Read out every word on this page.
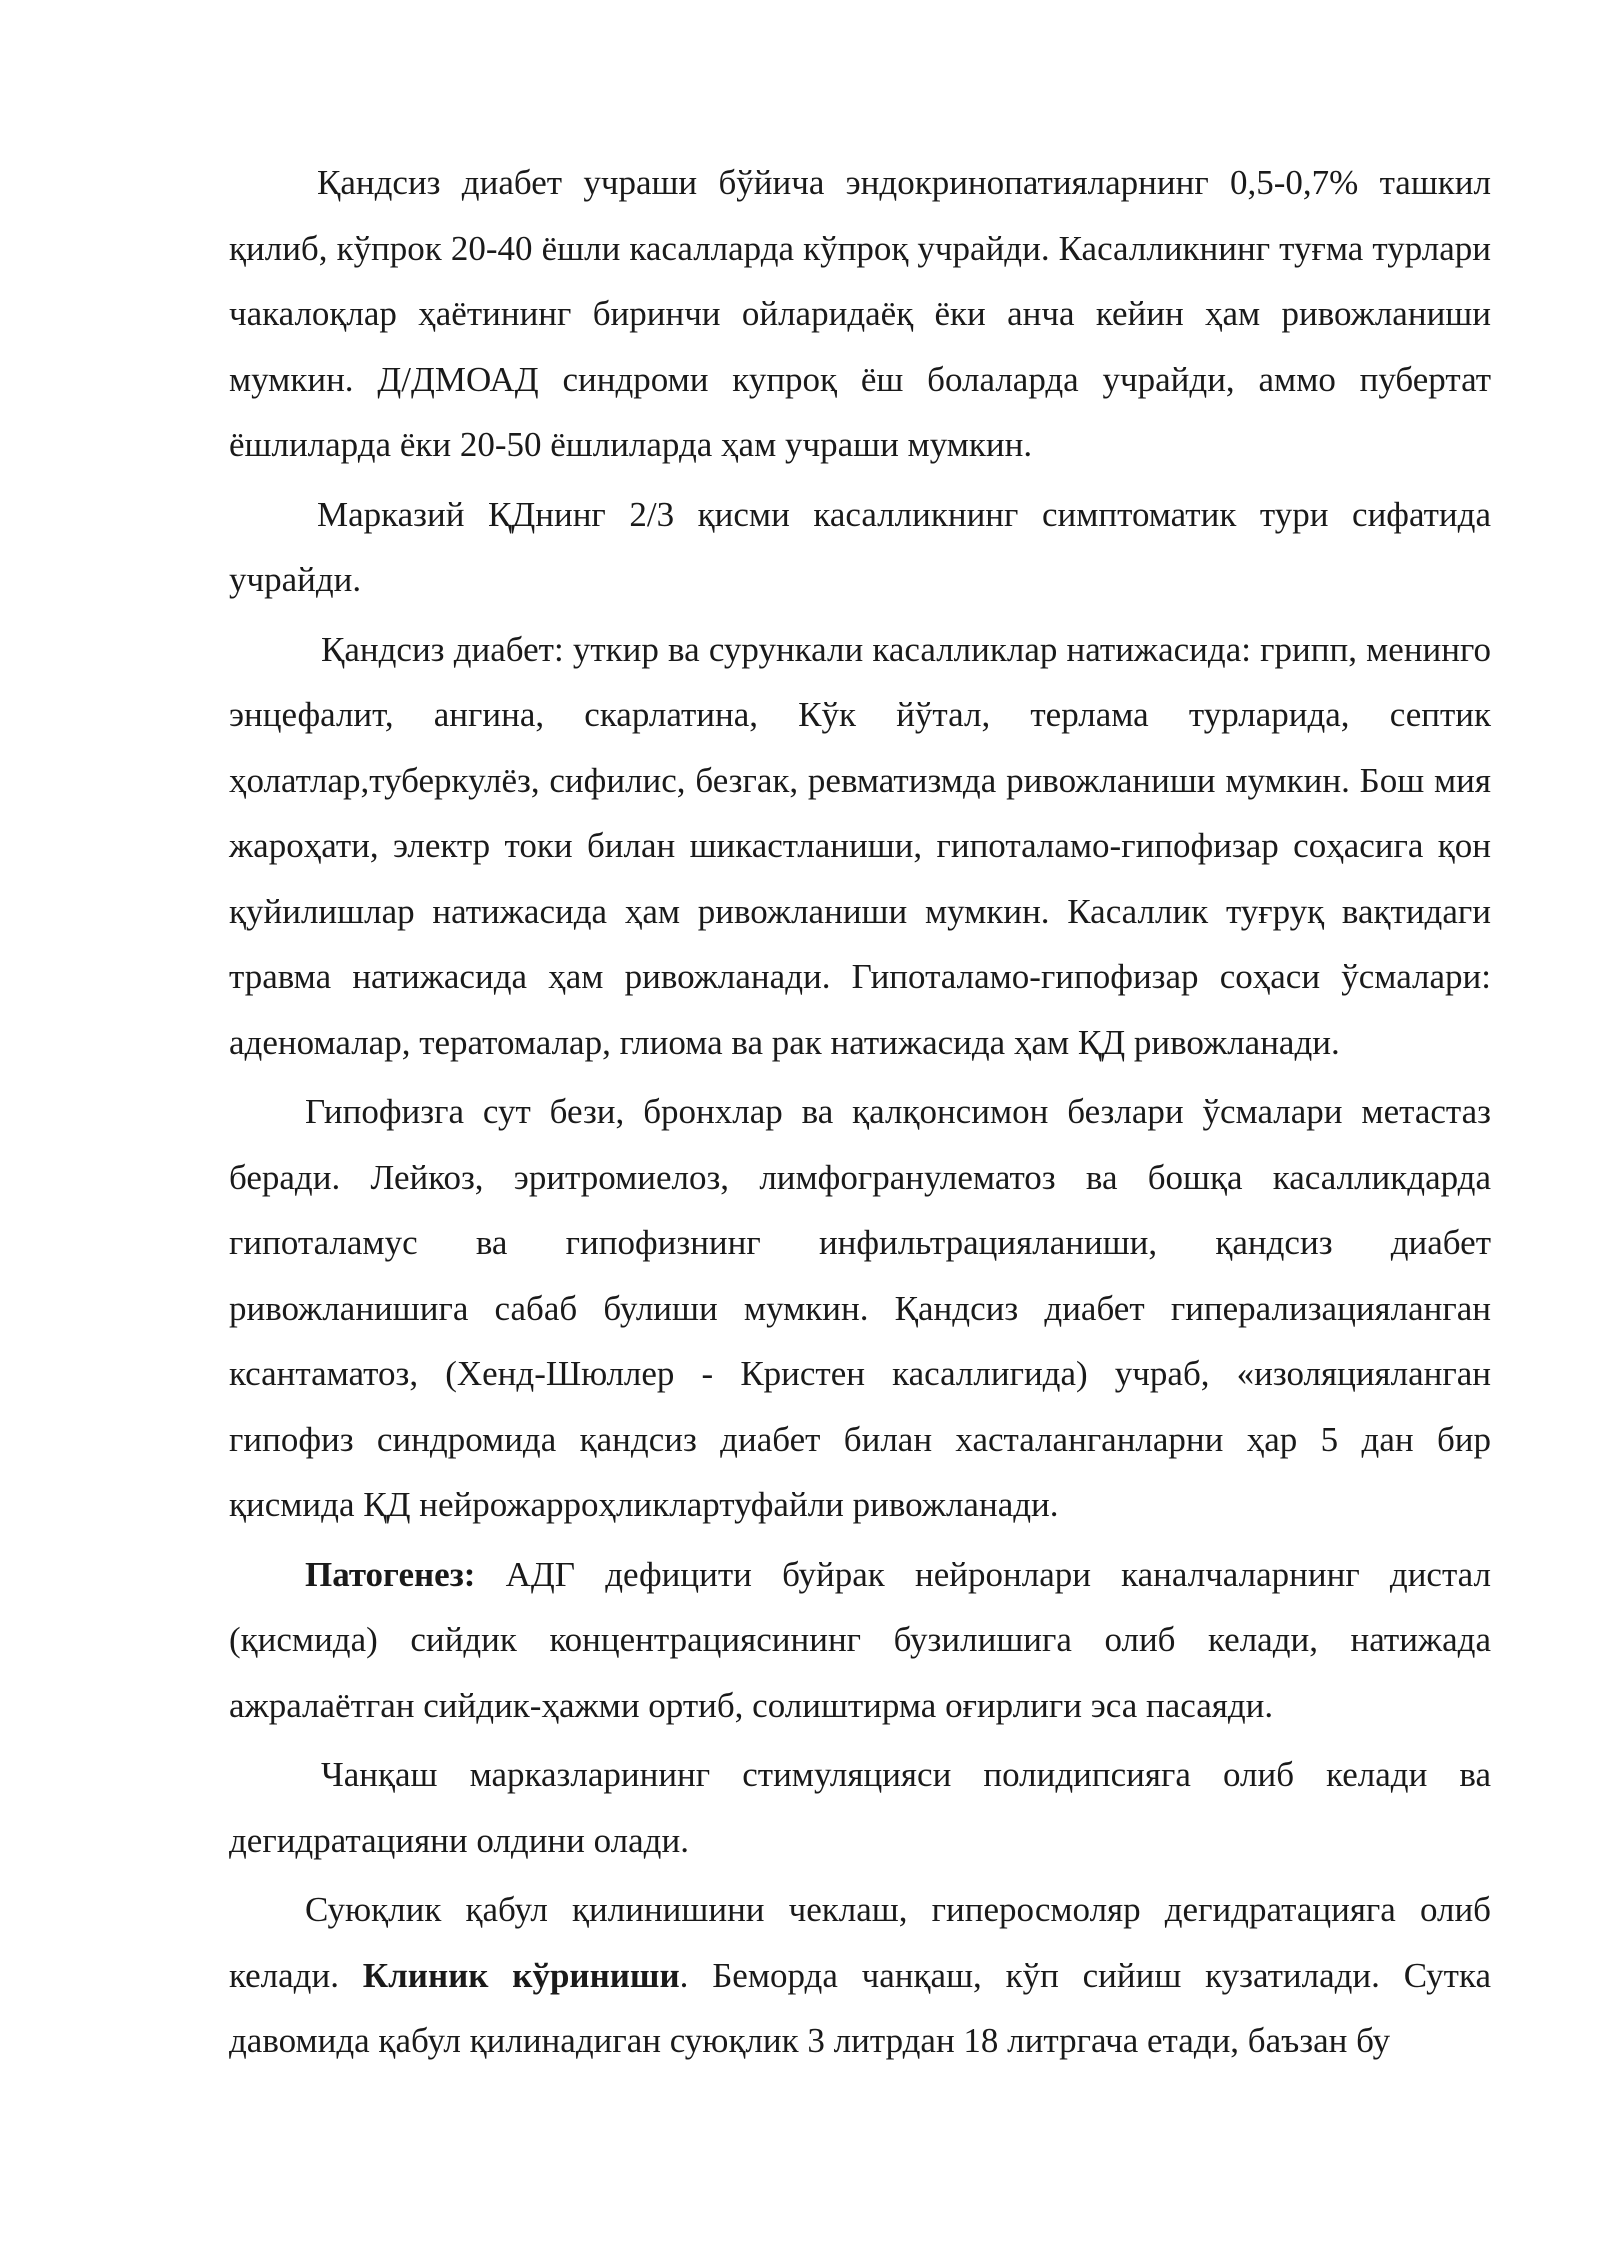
Қандсиз диабет учраши бўйича эндокринопатияларнинг 0,5-0,7% ташкил қилиб, кўпрок 20-40 ёшли касалларда кўпроқ учрайди. Касалликнинг туғма турлари чакалоқлар ҳаётининг биринчи ойларидаёқ ёки анча кейин ҳам ривожланиши мумкин. Д/ДМОАД синдроми купроқ ёш болаларда учрайди, аммо пубертат ёшлиларда ёки 20-50 ёшлиларда ҳам учраши мумкин.

Марказий ҚДнинг 2/3 қисми касалликнинг симптоматик тури сифатида учрайди.

Қандсиз диабет: уткир ва сурункали касалликлар натижасида: грипп, менинго энцефалит, ангина, скарлатина, Кўк йўтал, терлама турларида, септик ҳолатлар,туберкулёз, сифилис, безгак, ревматизмда ривожланиши мумкин. Бош мия жароҳати, электр токи билан шикастланиши, гипоталамо-гипофизар соҳасига қон қуйилишлар натижасида ҳам ривожланиши мумкин. Касаллик туғруқ вақтидаги травма натижасида ҳам ривожланади. Гипоталамо-гипофизар соҳаси ўсмалари: аденомалар, тератомалар, глиома ва рак натижасида ҳам ҚД ривожланади.

Гипофизга сут бези, бронхлар ва қалқонсимон безлари ўсмалари метастаз беради. Лейкоз, эритромиелоз, лимфогранулематоз ва бошқа касалликдарда гипоталамус ва гипофизнинг инфильтрацияланиши, қандсиз диабет ривожланишига сабаб булиши мумкин. Қандсиз диабет гиперализацияланган ксантаматоз, (Хенд-Шюллер - Кристен касаллигида) учраб, «изоляцияланган гипофиз синдромида қандсиз диабет билан хасталанганларни ҳар 5 дан бир қисмида ҚД нейрожарроҳликлартуфайли ривожланади.

Патогенез: АДГ дефицити буйрак нейронлари каналчаларнинг дистал (қисмида) сийдик концентрациясининг бузилишига олиб келади, натижада ажралаётган сийдик-ҳажми ортиб, солиштирма оғирлиги эса пасаяди.

Чанқаш марказларининг стимуляцияси полидипсияга олиб келади ва дегидратацияни олдини олади.

Суюқлик қабул қилинишини чеклаш, гиперосмоляр дегидратацияга олиб келади. Клиник кўриниши. Беморда чанқаш, кўп сийиш кузатилади. Сутка давомида қабул қилинадиган суюқлик 3 литрдан 18 литргача етади, баъзан бу
